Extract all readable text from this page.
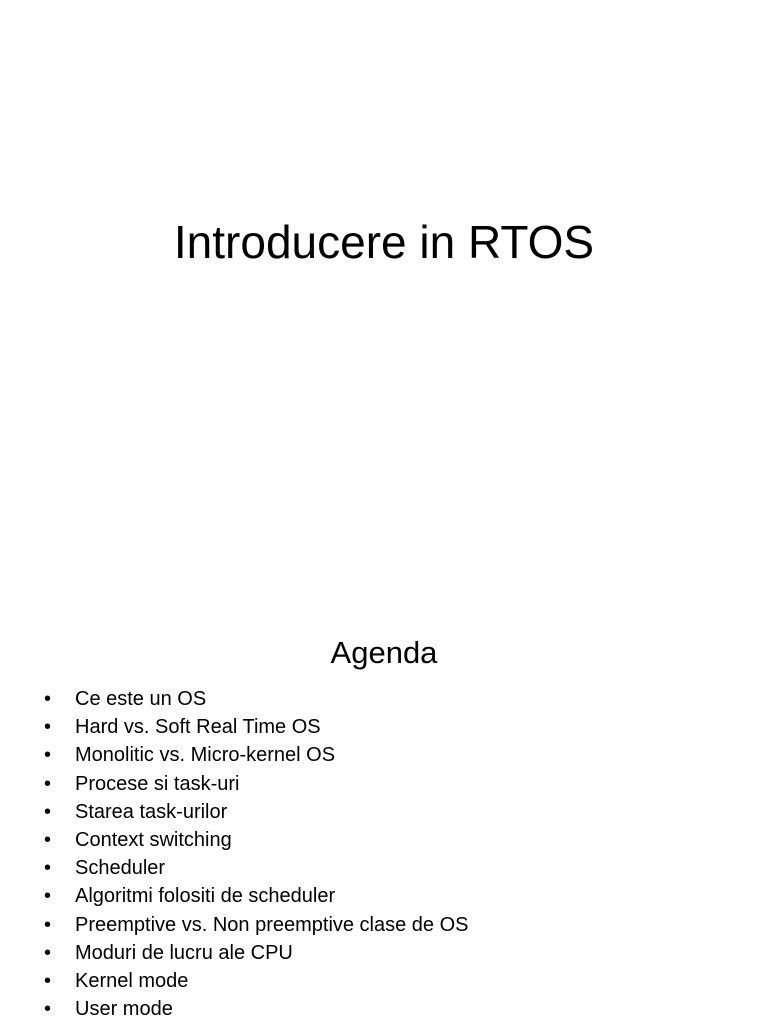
Introducere in RTOS
Agenda
• Ce este un OS
• Hard vs. Soft Real Time OS
• Monolitic vs. Micro-kernel OS
• Procese si task-uri
• Starea task-urilor
• Context switching
• Scheduler
• Algoritmi folositi de scheduler
• Preemptive vs. Non preemptive clase de OS
• Moduri de lucru ale CPU
• Kernel mode
• User mode
